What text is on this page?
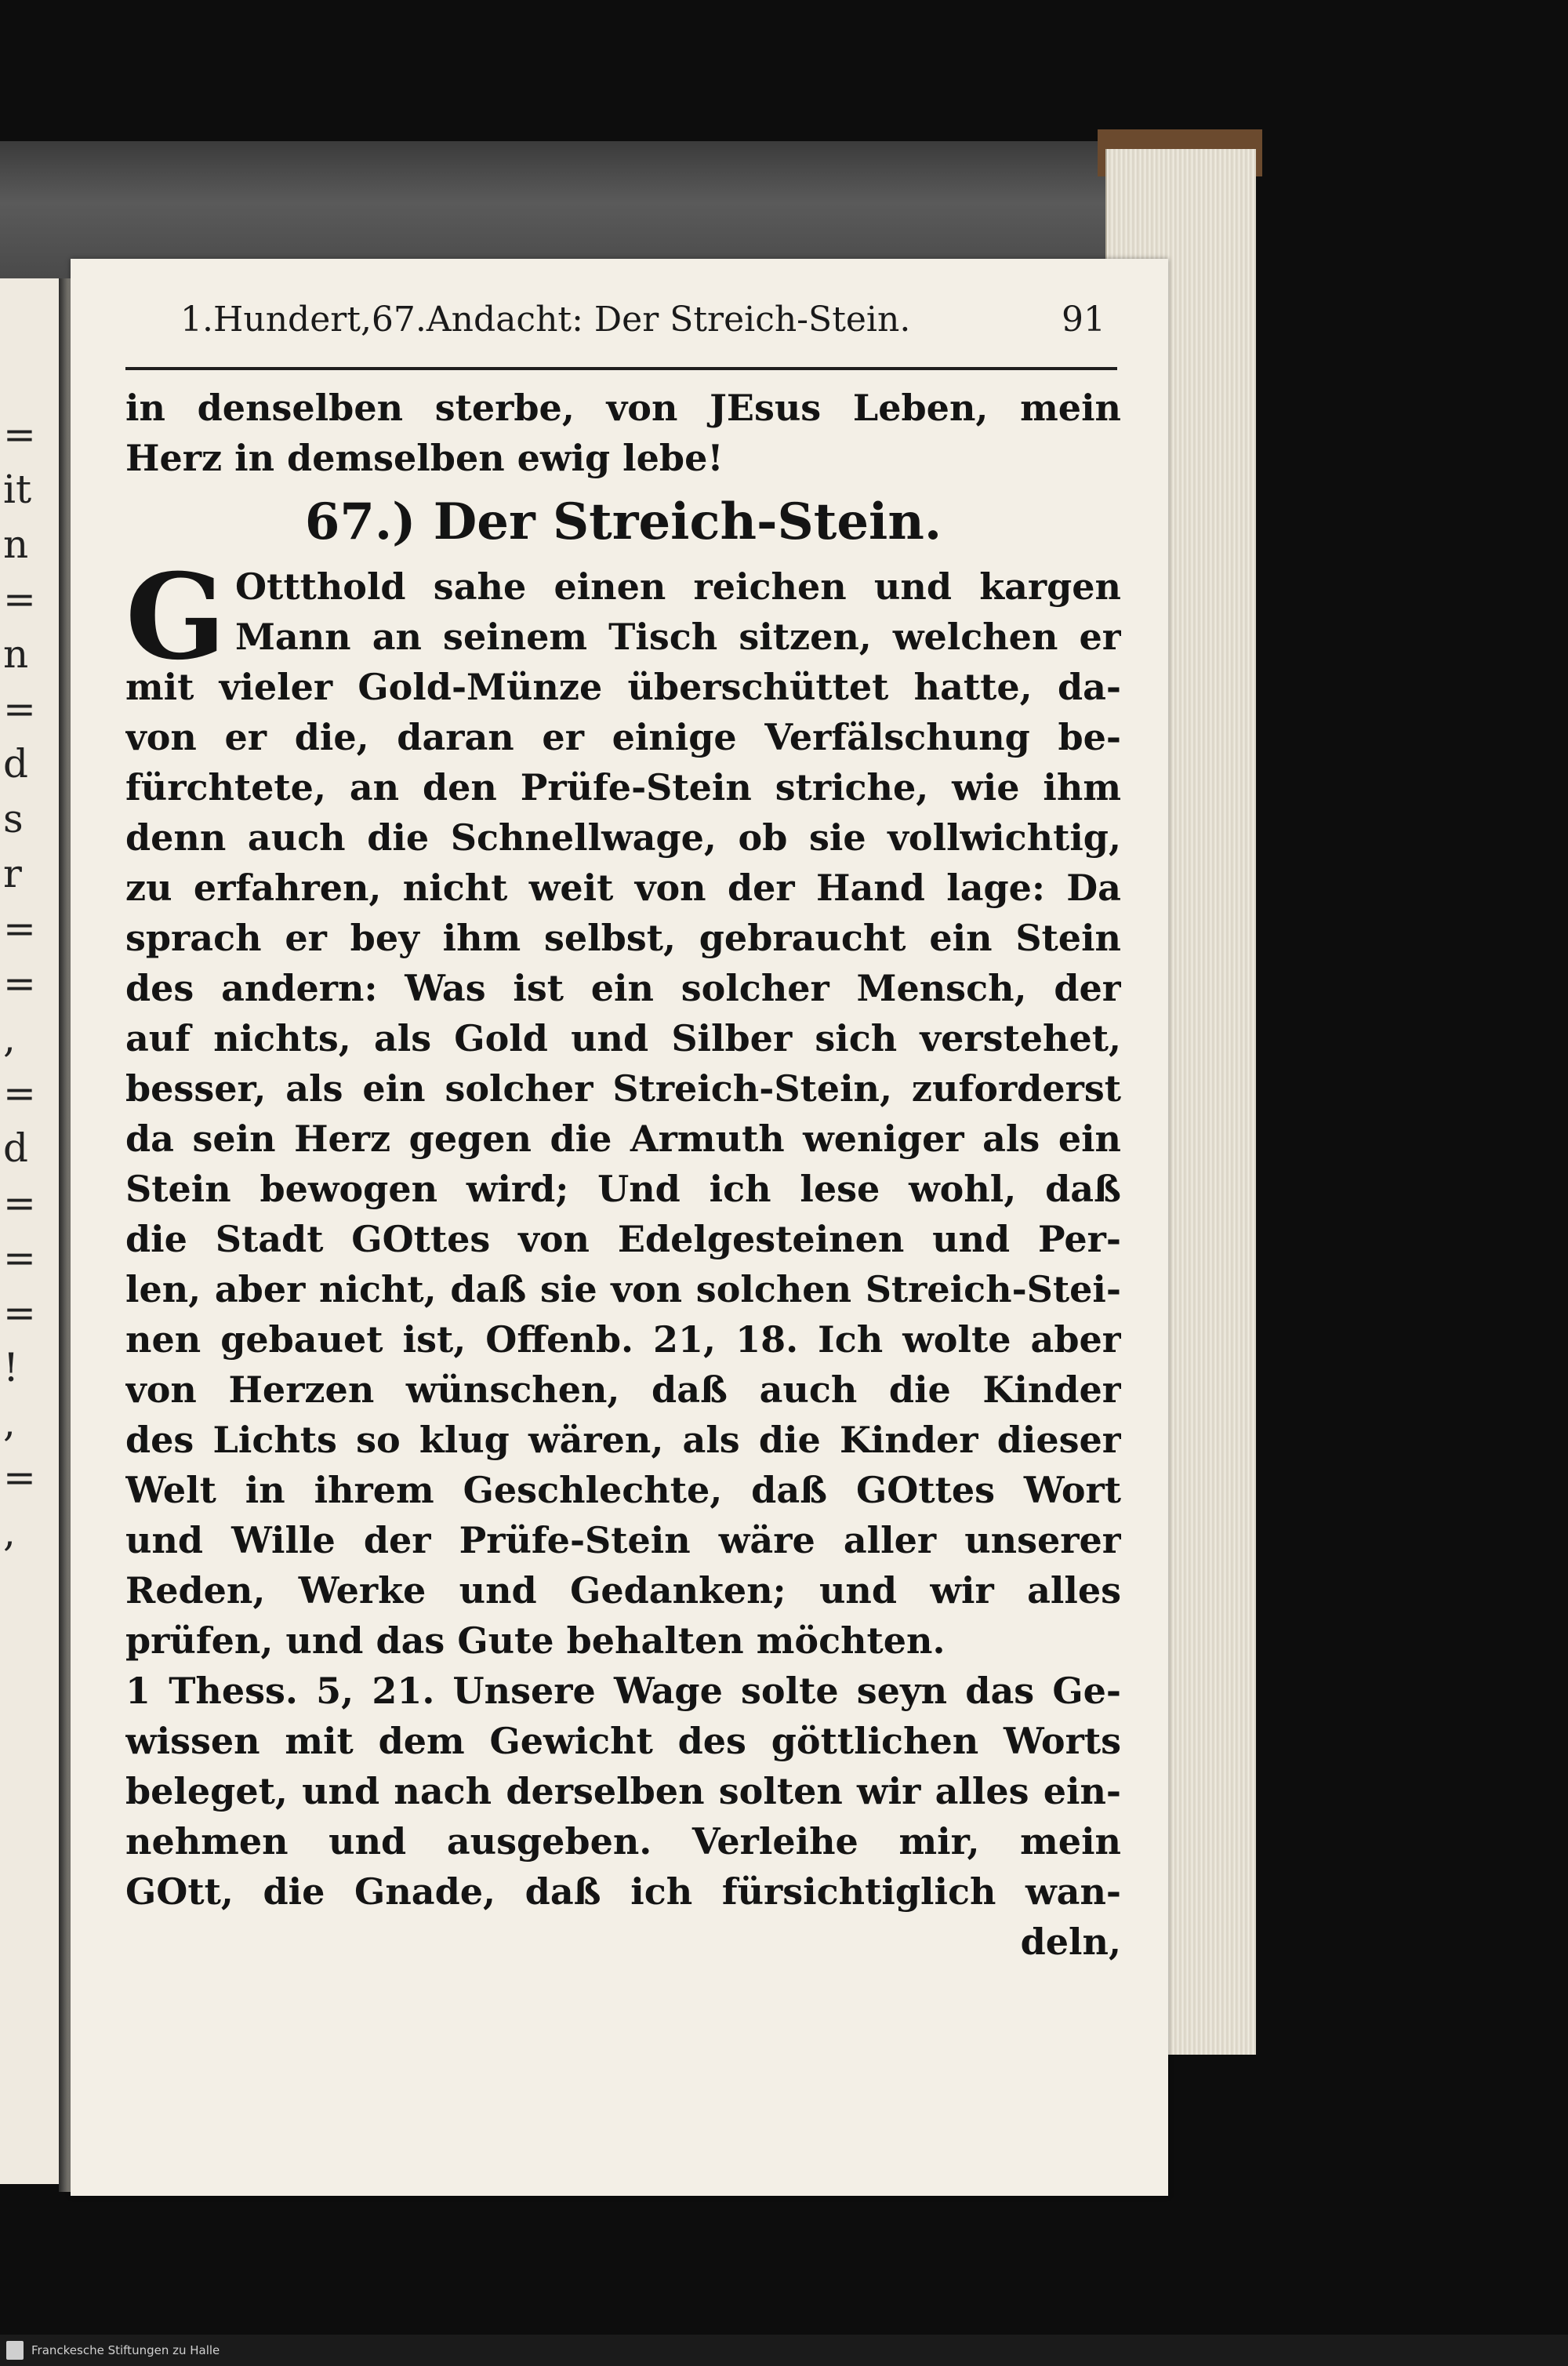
=
it
n
=
n
=
d
s
r
=
=
,
=
d
=
=
=
!
,
=
,
1.Hundert,67.Andacht: Der Streich-Stein.	91
in denselben sterbe, von JEsus Leben, mein
Herz in demselben ewig lebe!
67.) Der Streich-Stein.
G Ottthold sahe einen reichen und kargen
Mann an seinem Tisch sitzen, welchen er
mit vieler Gold-Münze überschüttet hatte, da-
von er die, daran er einige Verfälschung be-
fürchtete, an den Prüfe-Stein striche, wie ihm
denn auch die Schnellwage, ob sie vollwichtig,
zu erfahren, nicht weit von der Hand lage: Da
sprach er bey ihm selbst, gebraucht ein Stein
des andern: Was ist ein solcher Mensch, der
auf nichts, als Gold und Silber sich verstehet,
besser, als ein solcher Streich-Stein, zuforderst
da sein Herz gegen die Armuth weniger als ein
Stein bewogen wird; Und ich lese wohl, daß
die Stadt GOttes von Edelgesteinen und Per-
len, aber nicht, daß sie von solchen Streich-Stei-
nen gebauet ist, Offenb. 21, 18. Ich wolte aber
von Herzen wünschen, daß auch die Kinder
des Lichts so klug wären, als die Kinder dieser
Welt in ihrem Geschlechte, daß GOttes Wort
und Wille der Prüfe-Stein wäre aller unserer
Reden, Werke und Gedanken; und wir alles
prüfen, und das Gute behalten möchten.
1 Thess. 5, 21. Unsere Wage solte seyn das Ge-
wissen mit dem Gewicht des göttlichen Worts
beleget, und nach derselben solten wir alles ein-
nehmen und ausgeben. Verleihe mir, mein
GOtt, die Gnade, daß ich fürsichtiglich wan-
deln,
Franckesche Stiftungen zu Halle
